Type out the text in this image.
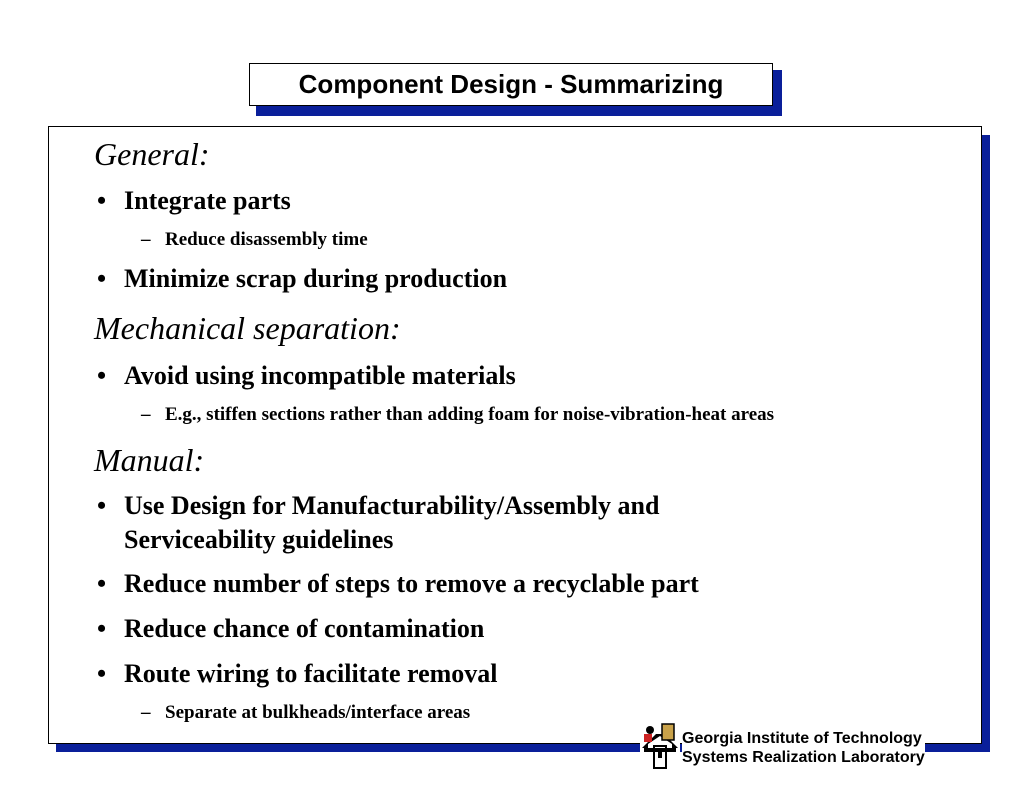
Component Design - Summarizing
General:
• Integrate parts
– Reduce disassembly time
• Minimize scrap during production
Mechanical separation:
• Avoid using incompatible materials
– E.g., stiffen sections rather than adding foam for noise-vibration-heat areas
Manual:
• Use Design for Manufacturability/Assembly and
Serviceability guidelines
• Reduce number of steps to remove a recyclable part
• Reduce chance of contamination
• Route wiring to facilitate removal
– Separate at bulkheads/interface areas
Georgia Institute of Technology
Systems Realization Laboratory
